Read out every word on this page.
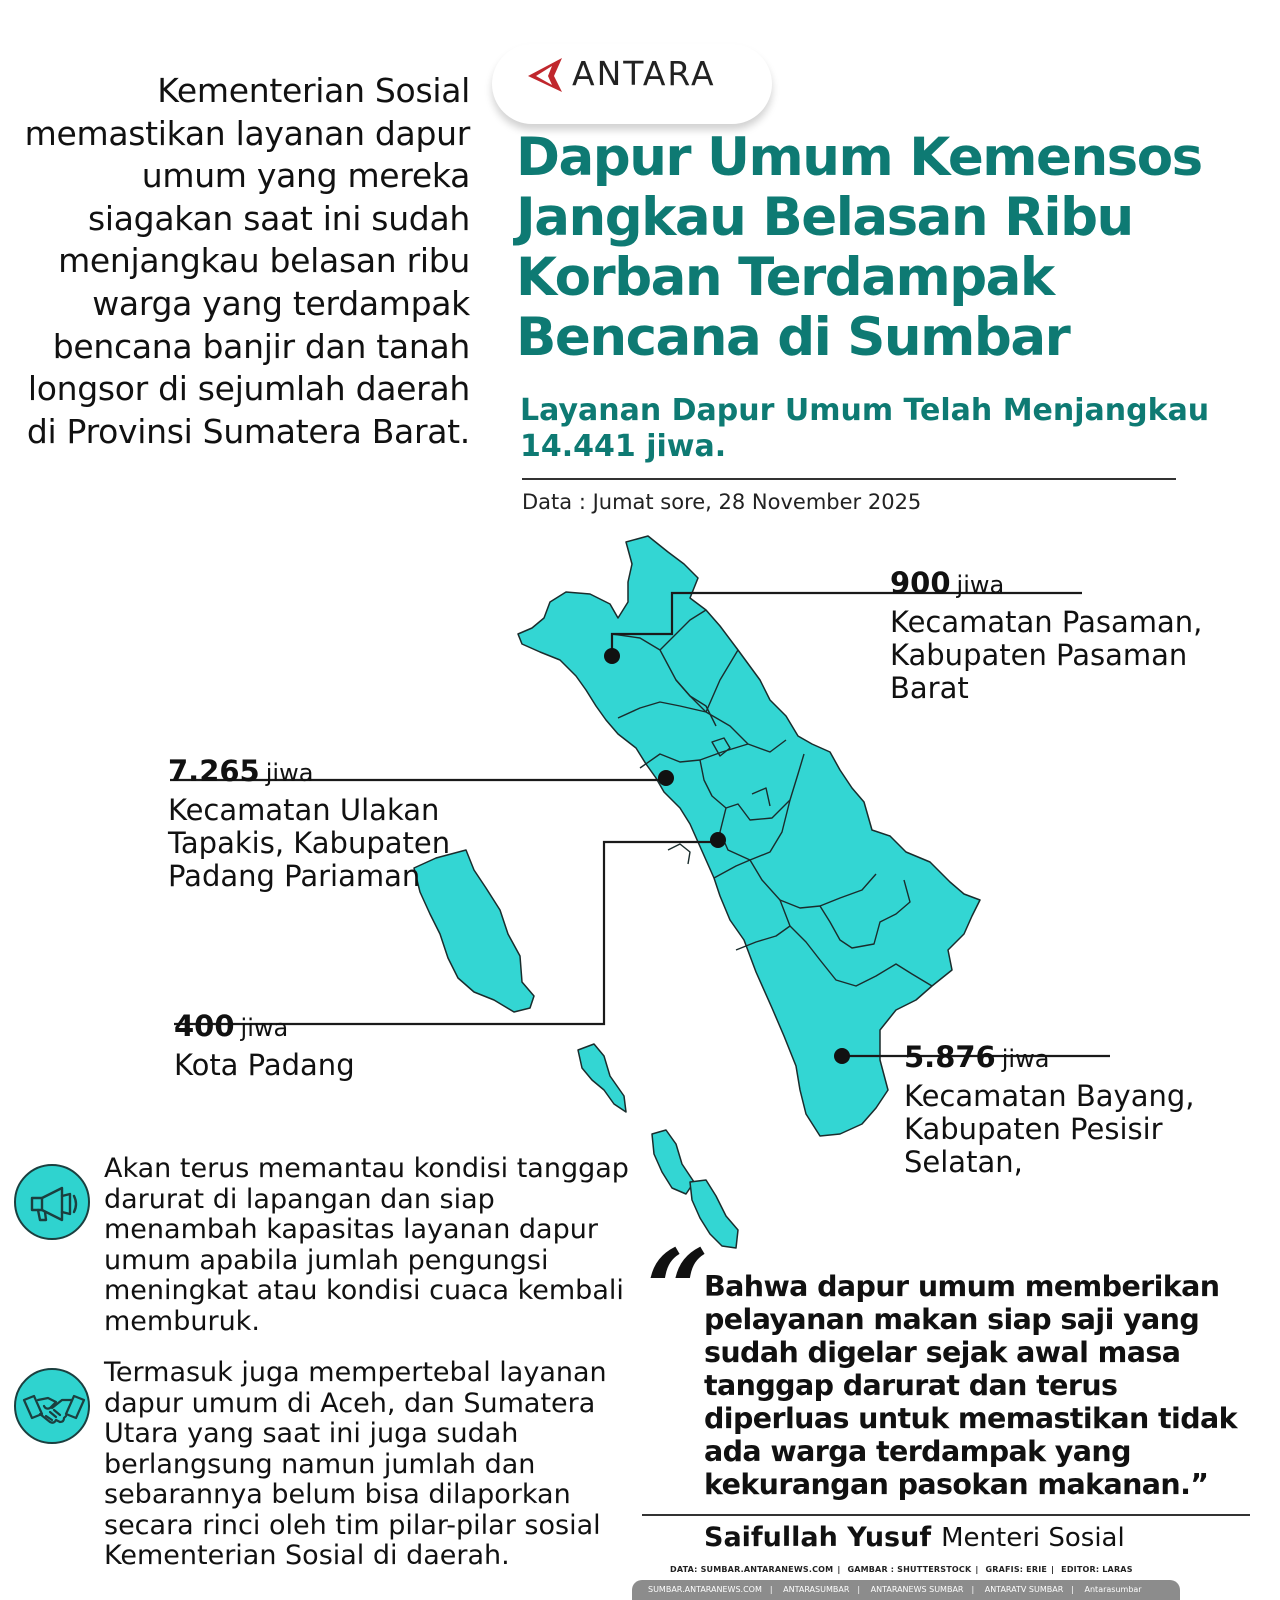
Kementerian Sosial memastikan layanan dapur umum yang mereka siagakan saat ini sudah menjangkau belasan ribu warga yang terdampak bencana banjir dan tanah longsor di sejumlah daerah di Provinsi Sumatera Barat.
ANTARA
Dapur Umum Kemensos Jangkau Belasan Ribu Korban Terdampak Bencana di Sumbar
Layanan Dapur Umum Telah Menjangkau 14.441 jiwa.
Data : Jumat sore, 28 November 2025
900 jiwa
Kecamatan Pasaman, Kabupaten Pasaman Barat
7.265 jiwa
Kecamatan Ulakan Tapakis, Kabupaten Padang Pariaman
400 jiwa
Kota Padang	5.876 jiwa
Kecamatan Bayang, Kabupaten Pesisir Selatan,
Akan terus memantau kondisi tanggap darurat di lapangan dan siap menambah kapasitas layanan dapur umum apabila jumlah pengungsi meningkat atau kondisi cuaca kembali memburuk.
Termasuk juga mempertebal layanan dapur umum di Aceh, dan Sumatera Utara yang saat ini juga sudah berlangsung namun jumlah dan sebarannya belum bisa dilaporkan secara rinci oleh tim pilar-pilar sosial Kementerian Sosial di daerah.
“ Bahwa dapur umum memberikan pelayanan makan siap saji yang sudah digelar sejak awal masa tanggap darurat dan terus diperluas untuk memastikan tidak ada warga terdampak yang kekurangan pasokan makanan.”
Saifullah Yusuf Menteri Sosial
DATA: SUMBAR.ANTARANEWS.COM | GAMBAR : SHUTTERSTOCK | GRAFIS: ERIE | EDITOR: LARAS
SUMBAR.ANTARANEWS.COM | ANTARASUMBAR | ANTARANEWS SUMBAR | ANTARATV SUMBAR | Antarasumbar
